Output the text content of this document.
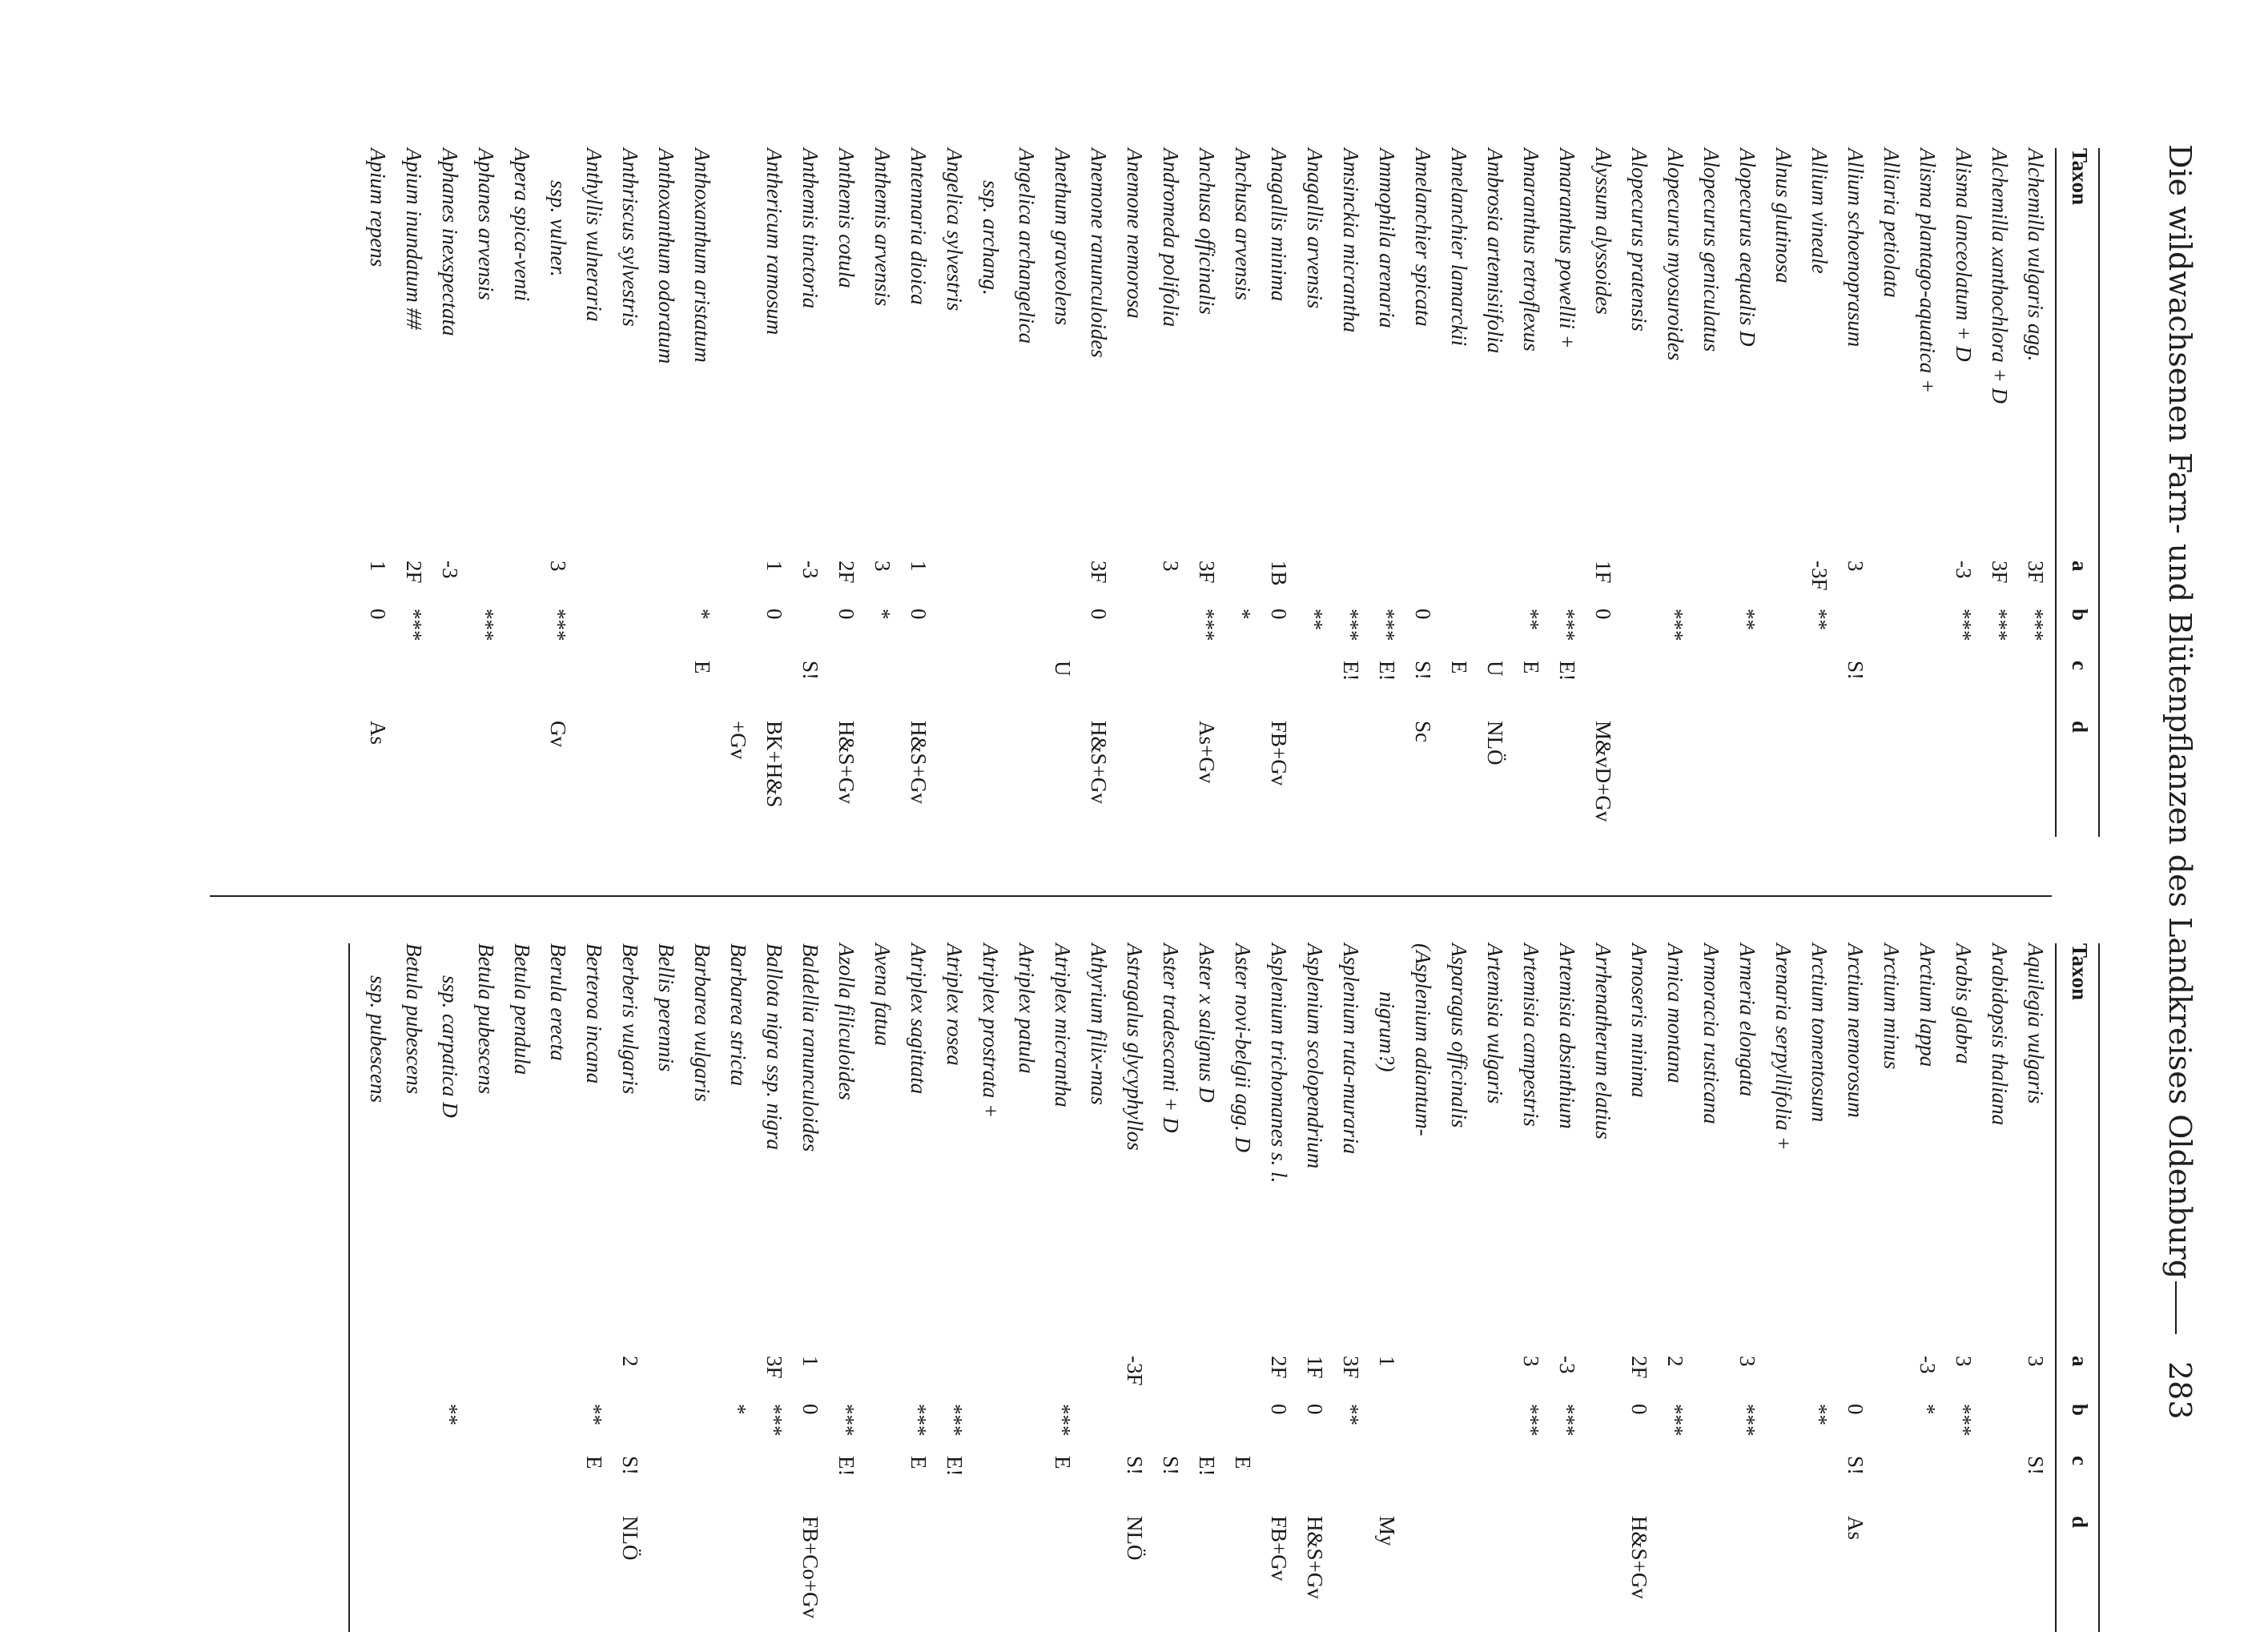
Die wildwachsenen Farn- und Blütenpflanzen des Landkreises Oldenburg
283
Taxon
a
b
c
d
Alchemilla vulgaris agg.
3F
***
Alchemilla xanthochlora + D
3F
***
Alisma lanceolatum + D
-3
***
Alisma plantago-aquatica +
Alliaria petiolata
Allium schoenoprasum
3
S!
Allium vineale
-3F
**
Alnus glutinosa
Alopecurus aequalis D
**
Alopecurus geniculatus
Alopecurus myosuroides
***
Alopecurus pratensis
Alyssum alyssoides
1F
0
M&vD+Gv
Amaranthus powellii +
***
E!
Amaranthus retroflexus
**
E
Ambrosia artemisiifolia
U
NLÖ
Amelanchier lamarckii
E
Amelanchier spicata
0
S!
Sc
Ammophila arenaria
***
E!
Amsinckia micrantha
***
E!
Anagallis arvensis
**
Anagallis minima
1B
0
FB+Gv
Anchusa arvensis
*
Anchusa officinalis
3F
***
As+Gv
Andromeda polifolia
3
Anemone nemorosa
Anemone ranunculoides
3F
0
H&S+Gv
Anethum graveolens
U
Angelica archangelica
ssp. archang.
Angelica sylvestris
Antennaria dioica
1
0
H&S+Gv
Anthemis arvensis
3
*
Anthemis cotula
2F
0
H&S+Gv
Anthemis tinctoria
-3
S!
Anthericum ramosum
1
0
BK+H&S
+Gv
Anthoxanthum aristatum
*
E
Anthoxanthum odoratum
Anthriscus sylvestris
Anthyllis vulneraria
ssp. vulner.
3
***
Gv
Apera spica-venti
Aphanes arvensis
***
Aphanes inexspectata
-3
Apium inundatum ##
2F
***
Apium repens
1
0
As
Taxon
a
b
c
d
Aquilegia vulgaris
3
S!
Arabidopsis thaliana
Arabis glabra
3
***
Arctium lappa
-3
*
Arctium minus
Arctium nemorosum
0
S!
As
Arctium tomentosum
**
Arenaria serpyllifolia +
Armeria elongata
3
***
Armoracia rusticana
Arnica montana
2
***
Arnoseris minima
2F
0
H&S+Gv
Arrhenatherum elatius
Artemisia absinthium
-3
***
Artemisia campestris
3
***
Artemisia vulgaris
Asparagus officinalis
(Asplenium adiantum-
nigrum?)
1
My
Asplenium ruta-muraria
3F
**
Asplenium scolopendrium
1F
0
H&S+Gv
Asplenium trichomanes s. l.
2F
0
FB+Gv
Aster novi-belgii agg. D
E
Aster x salignus D
E!
Aster tradescanti + D
S!
Astragalus glycyphyllos
-3F
S!
NLÖ
Athyrium filix-mas
Atriplex micrantha
***
E
Atriplex patula
Atriplex prostrata +
Atriplex rosea
***
E!
Atriplex sagittata
***
E
Avena fatua
Azolla filiculoides
***
E!
Baldellia ranunculoides
1
0
FB+Co+Gv
Ballota nigra ssp. nigra
3F
***
Barbarea stricta
*
Barbarea vulgaris
Bellis perennis
Berberis vulgaris
2
S!
NLÖ
Berteroa incana
**
E
Berula erecta
Betula pendula
Betula pubescens
ssp. carpatica D
**
Betula pubescens
ssp. pubescens
